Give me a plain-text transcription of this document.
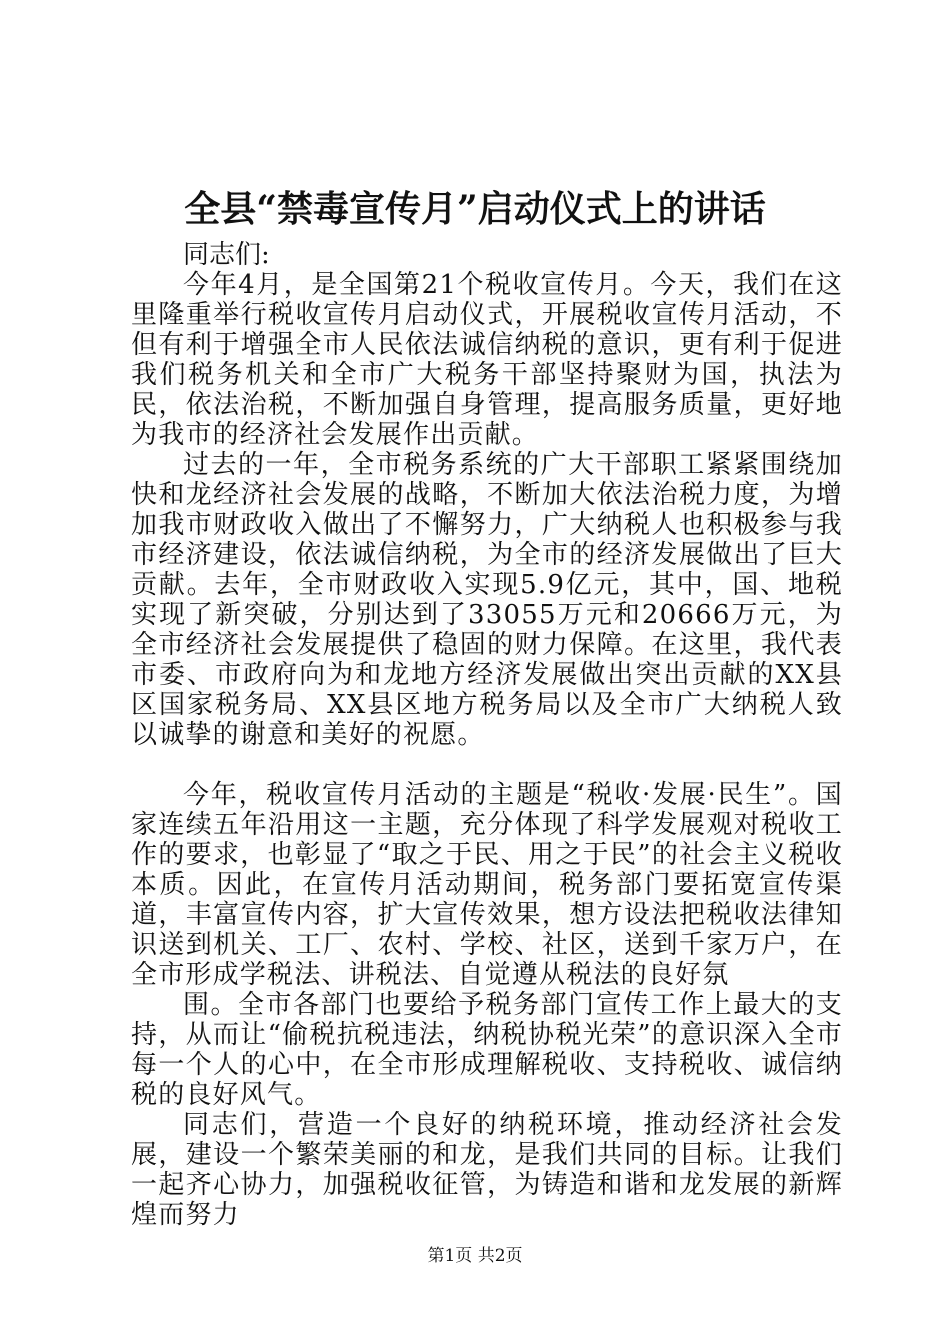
全县“禁毒宣传月”启动仪式上的讲话
同志们:

今年4月，是全国第21个税收宣传月。今天，我们在这里隆重举行税收宣传月启动仪式，开展税收宣传月活动，不但有利于增强全市人民依法诚信纳税的意识，更有利于促进我们税务机关和全市广大税务干部坚持聚财为国，执法为民，依法治税，不断加强自身管理，提高服务质量，更好地为我市的经济社会发展作出贡献。

过去的一年，全市税务系统的广大干部职工紧紧围绕加快和龙经济社会发展的战略，不断加大依法治税力度，为增加我市财政收入做出了不懈努力，广大纳税人也积极参与我市经济建设，依法诚信纳税，为全市的经济发展做出了巨大贡献。去年，全市财政收入实现5.9亿元，其中，国、地税实现了新突破，分别达到了33055万元和20666万元，为全市经济社会发展提供了稳固的财力保障。在这里，我代表市委、市政府向为和龙地方经济发展做出突出贡献的XX县区国家税务局、XX县区地方税务局以及全市广大纳税人致以诚挚的谢意和美好的祝愿。

今年，税收宣传月活动的主题是“税收·发展·民生”。国家连续五年沿用这一主题，充分体现了科学发展观对税收工作的要求，也彰显了“取之于民、用之于民”的社会主义税收本质。因此，在宣传月活动期间，税务部门要拓宽宣传渠道，丰富宣传内容，扩大宣传效果，想方设法把税收法律知识送到机关、工厂、农村、学校、社区，送到千家万户，在全市形成学税法、讲税法、自觉遵从税法的良好氛

围。全市各部门也要给予税务部门宣传工作上最大的支持，从而让“偷税抗税违法，纳税协税光荣”的意识深入全市每一个人的心中，在全市形成理解税收、支持税收、诚信纳税的良好风气。

同志们，营造一个良好的纳税环境，推动经济社会发展，建设一个繁荣美丽的和龙，是我们共同的目标。让我们一起齐心协力，加强税收征管，为铸造和谐和龙发展的新辉煌而努力

第1页 共2页
